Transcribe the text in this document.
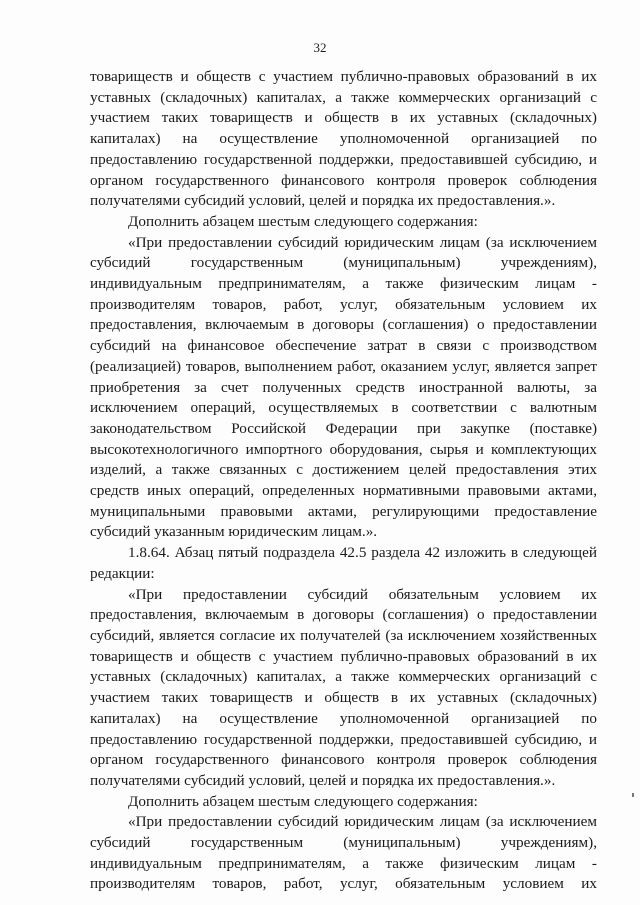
32
товариществ и обществ с участием публично-правовых образований в их
уставных (складочных) капиталах, а также коммерческих организаций с
участием таких товариществ и обществ в их уставных (складочных)
капиталах) на осуществление уполномоченной организацией по
предоставлению государственной поддержки, предоставившей субсидию, и
органом государственного финансового контроля проверок соблюдения
получателями субсидий условий, целей и порядка их предоставления.».
Дополнить абзацем шестым следующего содержания:
«При предоставлении субсидий юридическим лицам (за исключением
субсидий государственным (муниципальным) учреждениям),
индивидуальным предпринимателям, а также физическим лицам -
производителям товаров, работ, услуг, обязательным условием их
предоставления, включаемым в договоры (соглашения) о предоставлении
субсидий на финансовое обеспечение затрат в связи с производством
(реализацией) товаров, выполнением работ, оказанием услуг, является запрет
приобретения за счет полученных средств иностранной валюты, за
исключением операций, осуществляемых в соответствии с валютным
законодательством Российской Федерации при закупке (поставке)
высокотехнологичного импортного оборудования, сырья и комплектующих
изделий, а также связанных с достижением целей предоставления этих
средств иных операций, определенных нормативными правовыми актами,
муниципальными правовыми актами, регулирующими предоставление
субсидий указанным юридическим лицам.».
1.8.64. Абзац пятый подраздела 42.5 раздела 42 изложить в следующей
редакции:
«При предоставлении субсидий обязательным условием их
предоставления, включаемым в договоры (соглашения) о предоставлении
субсидий, является согласие их получателей (за исключением хозяйственных
товариществ и обществ с участием публично-правовых образований в их
уставных (складочных) капиталах, а также коммерческих организаций с
участием таких товариществ и обществ в их уставных (складочных)
капиталах) на осуществление уполномоченной организацией по
предоставлению государственной поддержки, предоставившей субсидию, и
органом государственного финансового контроля проверок соблюдения
получателями субсидий условий, целей и порядка их предоставления.».
Дополнить абзацем шестым следующего содержания:
«При предоставлении субсидий юридическим лицам (за исключением
субсидий государственным (муниципальным) учреждениям),
индивидуальным предпринимателям, а также физическим лицам -
производителям товаров, работ, услуг, обязательным условием их
